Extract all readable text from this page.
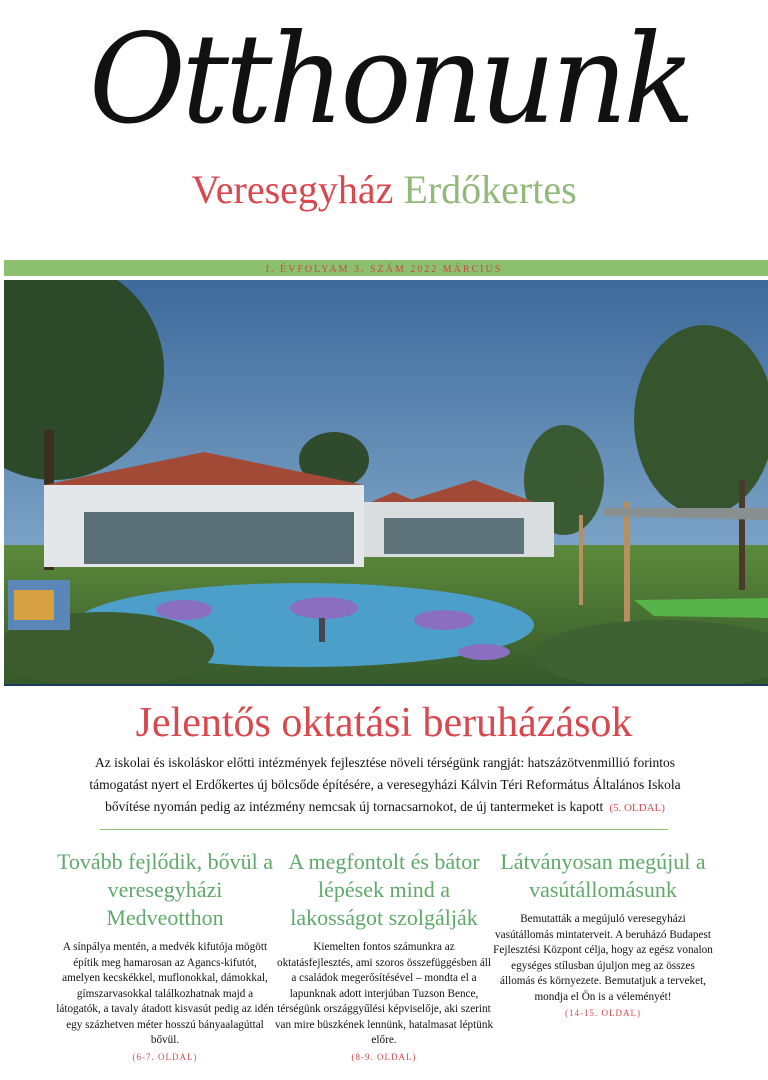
Otthonunk
Veresegyház Erdőkertes
I. ÉVFOLYAM 3. SZÁM 2022 MÁRCIUS
Jelentős oktatási beruházások
Az iskolai és iskoláskor előtti intézmények fejlesztése növeli térségünk rangját: hatszázötvenmillió forintos támogatást nyert el Erdőkertes új bölcsőde építésére, a veresegyházi Kálvin Téri Református Általános Iskola bővítése nyomán pedig az intézmény nemcsak új tornacsarnokot, de új tantermeket is kapott (5. OLDAL)
Tovább fejlődik, bővül a veresegyházi Medveotthon

A sínpálya mentén, a medvék kifutója mögött építik meg hamarosan az Agancs-kifutót, amelyen kecskékkel, muflonokkal, dámokkal, gímszarvasokkal találkozhatnak majd a látogatók, a tavaly átadott kisvasút pedig az idén egy százhetven méter hosszú bányaalagúttal bővül.

(6-7. OLDAL)
A megfontolt és bátor lépések mind a lakosságot szolgálják

Kiemelten fontos számunkra az oktatásfejlesztés, ami szoros összefüggésben áll a családok megerősítésével – mondta el a lapunknak adott interjúban Tuzson Bence, térségünk országgyűlési képviselője, aki szerint van mire büszkének lennünk, hatalmasat léptünk előre.

(8-9. OLDAL)
Látványosan megújul a vasútállomásunk

Bemutatták a megújuló veresegyházi vasútállomás mintaterveit. A beruházó Budapest Fejlesztési Központ célja, hogy az egész vonalon egységes stílusban újuljon meg az összes állomás és környezete. Bemutatjuk a terveket, mondja el Ön is a véleményét!

(14-15. OLDAL)
